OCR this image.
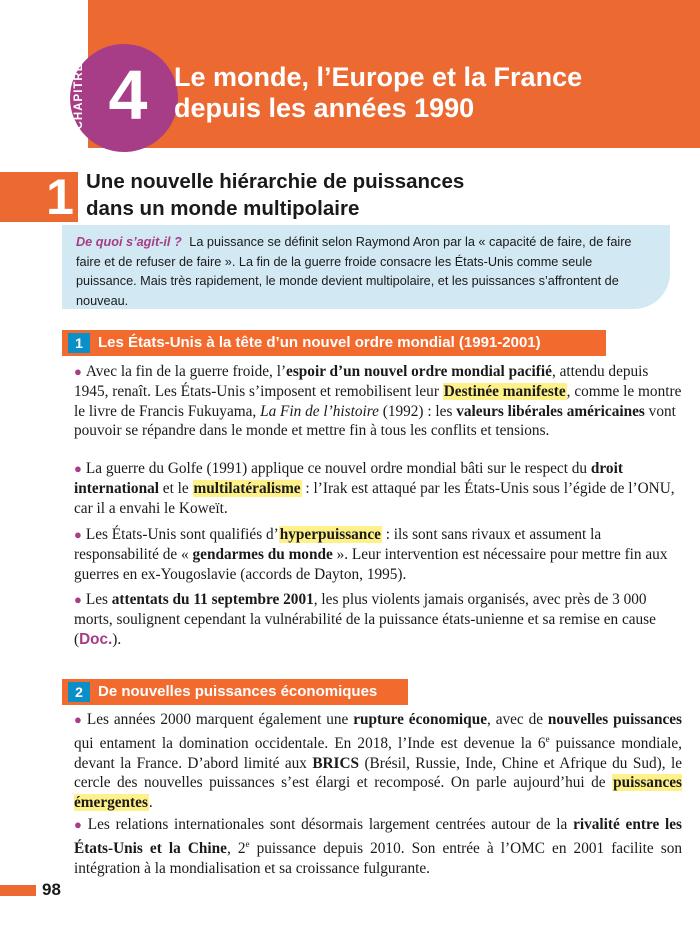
CHAPITRE 4 Le monde, l’Europe et la France
depuis les années 1990
1 Une nouvelle hiérarchie de puissances
dans un monde multipolaire
De quoi s’agit-il ? La puissance se définit selon Raymond Aron par la « capacité de faire, de faire faire et de refuser de faire ». La fin de la guerre froide consacre les États-Unis comme seule puissance. Mais très rapidement, le monde devient multipolaire, et les puissances s’affrontent de nouveau.
1	Les États-Unis à la tête d’un nouvel ordre mondial (1991-2001)
● Avec la fin de la guerre froide, l’espoir d’un nouvel ordre mondial pacifié, attendu depuis 1945, renaît. Les États-Unis s’imposent et remobilisent leur Destinée manifeste, comme le montre le livre de Francis Fukuyama, La Fin de l’histoire (1992) : les valeurs libérales américaines vont pouvoir se répandre dans le monde et mettre fin à tous les conflits et tensions.
● La guerre du Golfe (1991) applique ce nouvel ordre mondial bâti sur le respect du droit international et le multilatéralisme : l’Irak est attaqué par les États-Unis sous l’égide de l’ONU, car il a envahi le Koweït.
● Les États-Unis sont qualifiés d’hyperpuissance : ils sont sans rivaux et assument la responsabilité de « gendarmes du monde ». Leur intervention est nécessaire pour mettre fin aux guerres en ex-Yougoslavie (accords de Dayton, 1995).
● Les attentats du 11 septembre 2001, les plus violents jamais organisés, avec près de 3 000 morts, soulignent cependant la vulnérabilité de la puissance états-unienne et sa remise en cause (Doc.).
2	De nouvelles puissances économiques
● Les années 2000 marquent également une rupture économique, avec de nouvelles puissances qui entament la domination occidentale. En 2018, l’Inde est devenue la 6e puissance mondiale, devant la France. D’abord limité aux BRICS (Brésil, Russie, Inde, Chine et Afrique du Sud), le cercle des nouvelles puissances s’est élargi et recomposé. On parle aujourd’hui de puissances émergentes.
● Les relations internationales sont désormais largement centrées autour de la rivalité entre les États-Unis et la Chine, 2e puissance depuis 2010. Son entrée à l’OMC en 2001 facilite son intégration à la mondialisation et sa croissance fulgurante.
98
